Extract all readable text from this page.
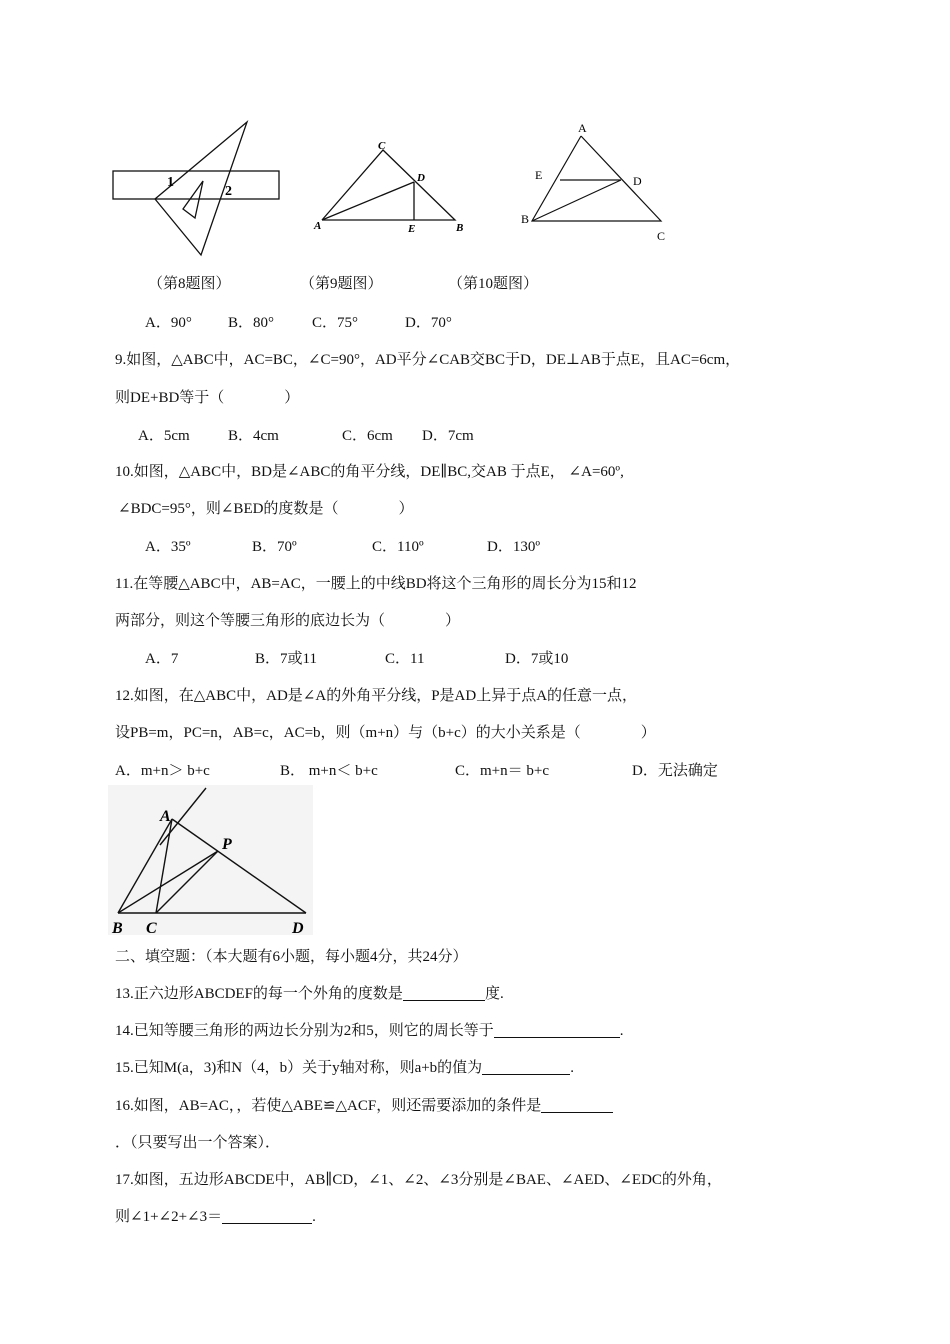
1
2
C
D
A	E	B
A
E	D
B
C
（第8题图）	（第9题图）	（第10题图）
A．90° B．80°	C．75°	D．70°
9.如图，△ABC中，AC=BC，∠C=90°，AD平分∠CAB交BC于D，DE⊥AB于点E，且AC=6cm，
则DE+BD等于（　　　　）
A．5cm	B．4cm	C．6cm D．7cm
10.如图，△ABC中，BD是∠ABC的角平分线，DE∥BC,交AB 于点E， ∠A=60º,
∠BDC=95°，则∠BED的度数是（　　　　）
A．35º	B．70º	C．110º	D．130º
11.在等腰△ABC中，AB=AC，一腰上的中线BD将这个三角形的周长分为15和12
两部分，则这个等腰三角形的底边长为（　　　　）
A．7	B．7或11	C．11	D．7或10
12.如图，在△ABC中，AD是∠A的外角平分线，P是AD上异于点A的任意一点，
设PB=m，PC=n，AB=c，AC=b，则（m+n）与（b+c）的大小关系是（　　　　）
A．m+n＞ b+c	B． m+n＜ b+c	C．m+n＝ b+c	D．无法确定
A
P
B C	D
二、填空题：（本大题有6小题，每小题4分，共24分）
13.正六边形ABCDEF的每一个外角的度数是	度.
14.已知等腰三角形的两边长分别为2和5，则它的周长等于	.
15.已知M(a，3)和N（4，b）关于y轴对称，则a+b的值为	.
16.如图，AB=AC，，若使△ABE≌△ACF，则还需要添加的条件是
．（只要写出一个答案）．
17.如图，五边形ABCDE中，AB∥CD，∠1、∠2、∠3分别是∠BAE、∠AED、∠EDC的外角，
则∠1+∠2+∠3＝	.
